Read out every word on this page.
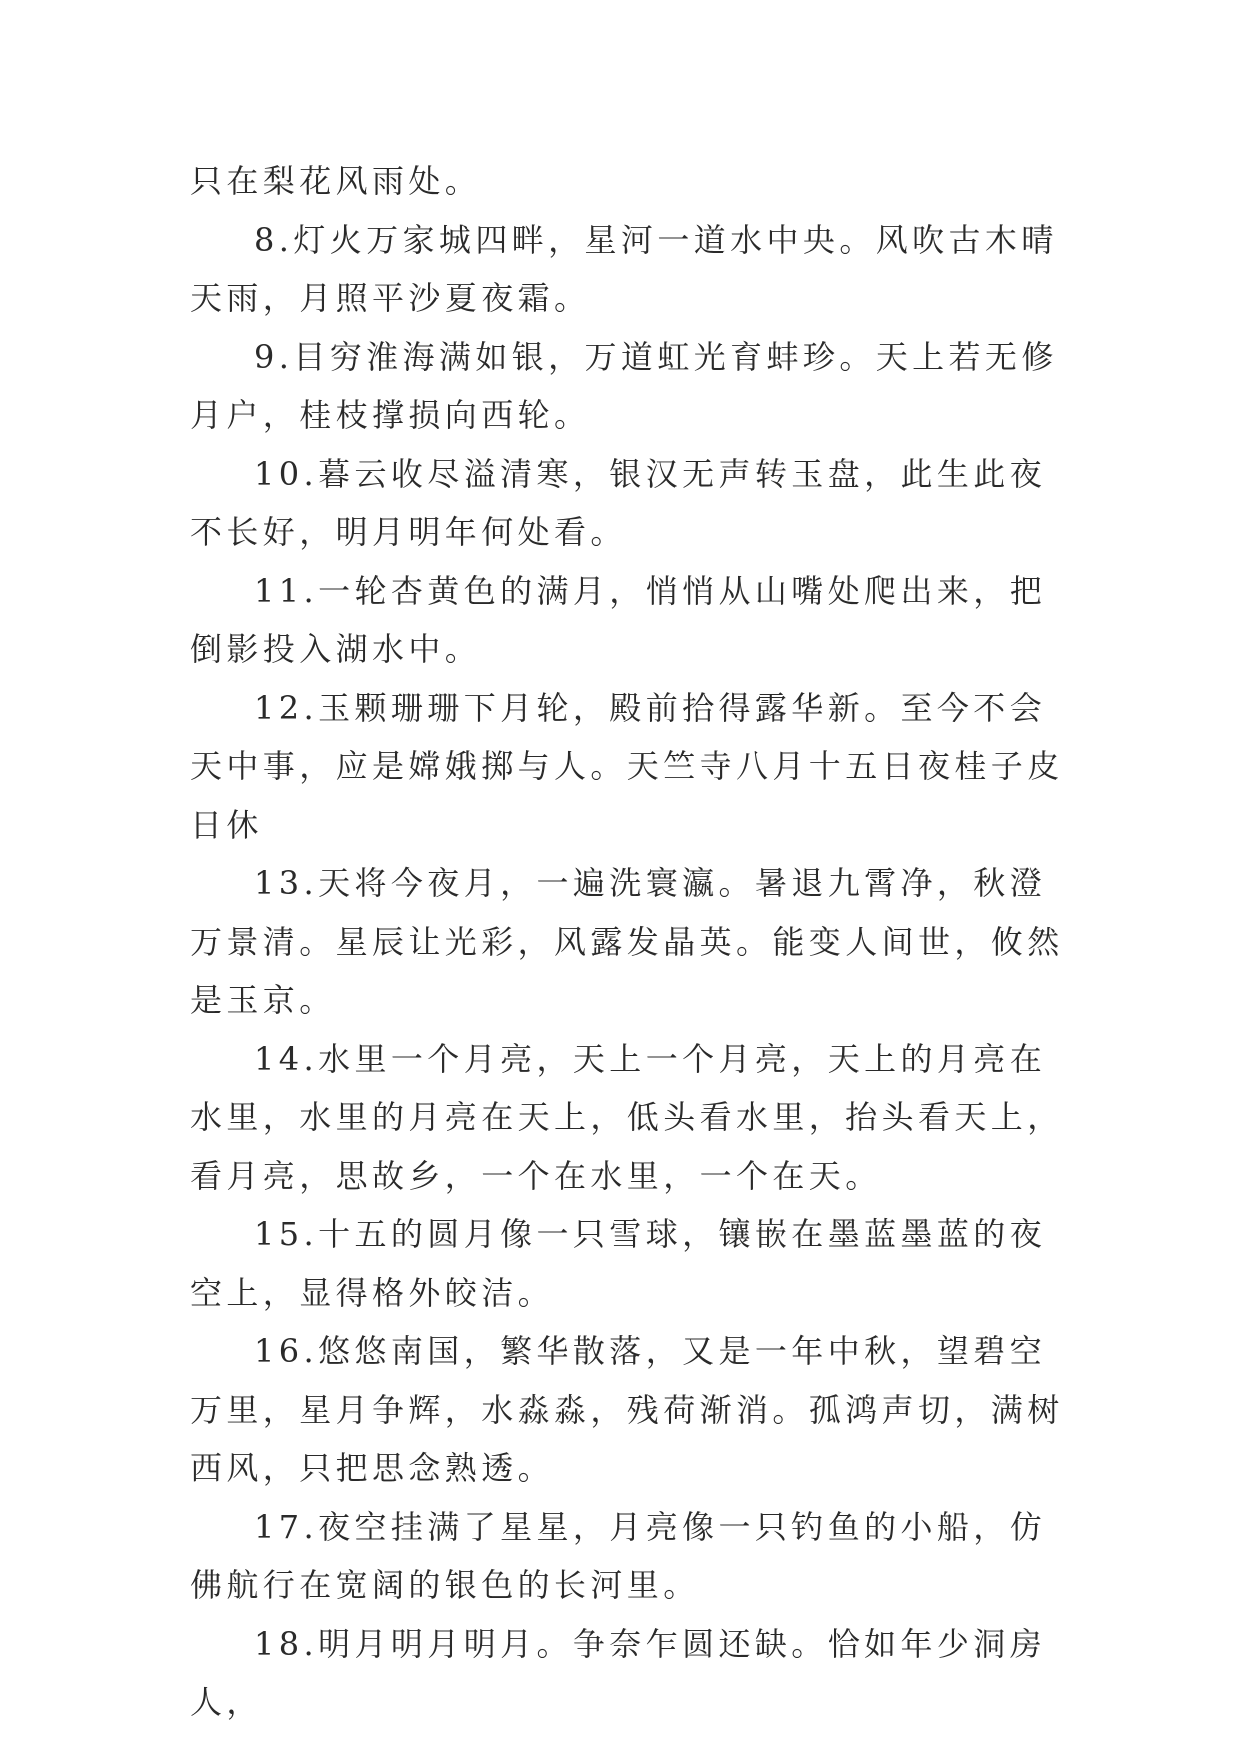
只在梨花风雨处。

8.灯火万家城四畔，星河一道水中央。风吹古木晴天雨，月照平沙夏夜霜。

9.目穷淮海满如银，万道虹光育蚌珍。天上若无修月户，桂枝撑损向西轮。

10.暮云收尽溢清寒，银汉无声转玉盘，此生此夜不长好，明月明年何处看。

11.一轮杏黄色的满月，悄悄从山嘴处爬出来，把倒影投入湖水中。

12.玉颗珊珊下月轮，殿前拾得露华新。至今不会天中事，应是嫦娥掷与人。天竺寺八月十五日夜桂子皮日休

13.天将今夜月，一遍洗寰瀛。暑退九霄净，秋澄万景清。星辰让光彩，风露发晶英。能变人间世，攸然是玉京。

14.水里一个月亮，天上一个月亮，天上的月亮在水里，水里的月亮在天上，低头看水里，抬头看天上，看月亮，思故乡，一个在水里，一个在天。

15.十五的圆月像一只雪球，镶嵌在墨蓝墨蓝的夜空上，显得格外皎洁。

16.悠悠南国，繁华散落，又是一年中秋，望碧空万里，星月争辉，水淼淼，残荷渐消。孤鸿声切，满树西风，只把思念熟透。

17.夜空挂满了星星，月亮像一只钓鱼的小船，仿佛航行在宽阔的银色的长河里。

18.明月明月明月。争奈乍圆还缺。恰如年少洞房人，
